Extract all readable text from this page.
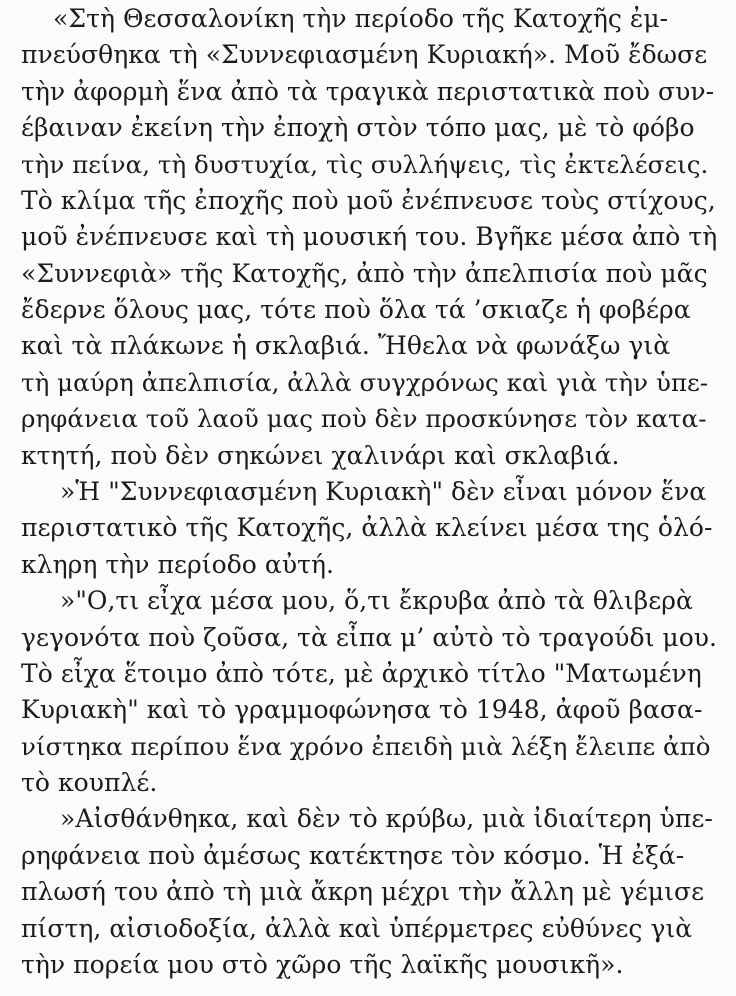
«Στὴ Θεσσαλονίκη τὴν περίοδο τῆς Κατοχῆς ἐμ-
πνεύσθηκα τὴ «Συννεφιασμένη Κυριακή». Μοῦ ἔδωσε
τὴν ἀφορμὴ ἕνα ἀπὸ τὰ τραγικὰ περιστατικὰ ποὺ συν-
έβαιναν ἐκείνη τὴν ἐποχὴ στὸν τόπο μας, μὲ τὸ φόβο
τὴν πείνα, τὴ δυστυχία, τὶς συλλήψεις, τὶς ἐκτελέσεις.
Τὸ κλίμα τῆς ἐποχῆς ποὺ μοῦ ἐνέπνευσε τοὺς στίχους,
μοῦ ἐνέπνευσε καὶ τὴ μουσική του. Βγῆκε μέσα ἀπὸ τὴ
«Συννεφιὰ» τῆς Κατοχῆς, ἀπὸ τὴν ἀπελπισία ποὺ μᾶς
ἔδερνε ὅλους μας, τότε ποὺ ὅλα τά ’σκιαζε ἡ φοβέρα
καὶ τὰ πλάκωνε ἡ σκλαβιά. Ἤθελα νὰ φωνάξω γιὰ
τὴ μαύρη ἀπελπισία, ἀλλὰ συγχρόνως καὶ γιὰ τὴν ὑπε-
ρηφάνεια τοῦ λαοῦ μας ποὺ δὲν προσκύνησε τὸν κατα-
κτητή, ποὺ δὲν σηκώνει χαλινάρι καὶ σκλαβιά.
»Ἡ "Συννεφιασμένη Κυριακὴ" δὲν εἶναι μόνον ἕνα
περιστατικὸ τῆς Κατοχῆς, ἀλλὰ κλείνει μέσα της ὁλό-
κληρη τὴν περίοδο αὐτή.
»"Ο,τι εἶχα μέσα μου, ὅ,τι ἔκρυβα ἀπὸ τὰ θλιβερὰ
γεγονότα ποὺ ζοῦσα, τὰ εἶπα μ’ αὐτὸ τὸ τραγούδι μου.
Τὸ εἶχα ἕτοιμο ἀπὸ τότε, μὲ ἀρχικὸ τίτλο "Ματωμένη
Κυριακὴ" καὶ τὸ γραμμοφώνησα τὸ 1948, ἀφοῦ βασα-
νίστηκα περίπου ἕνα χρόνο ἐπειδὴ μιὰ λέξη ἔλειπε ἀπὸ
τὸ κουπλέ.
»Αἰσθάνθηκα, καὶ δὲν τὸ κρύβω, μιὰ ἰδιαίτερη ὑπε-
ρηφάνεια ποὺ ἀμέσως κατέκτησε τὸν κόσμο. Ἡ ἐξά-
πλωσή του ἀπὸ τὴ μιὰ ἄκρη μέχρι τὴν ἄλλη μὲ γέμισε
πίστη, αἰσιοδοξία, ἀλλὰ καὶ ὑπέρμετρες εὐθύνες γιὰ
τὴν πορεία μου στὸ χῶρο τῆς λαϊκῆς μουσικῆ».
